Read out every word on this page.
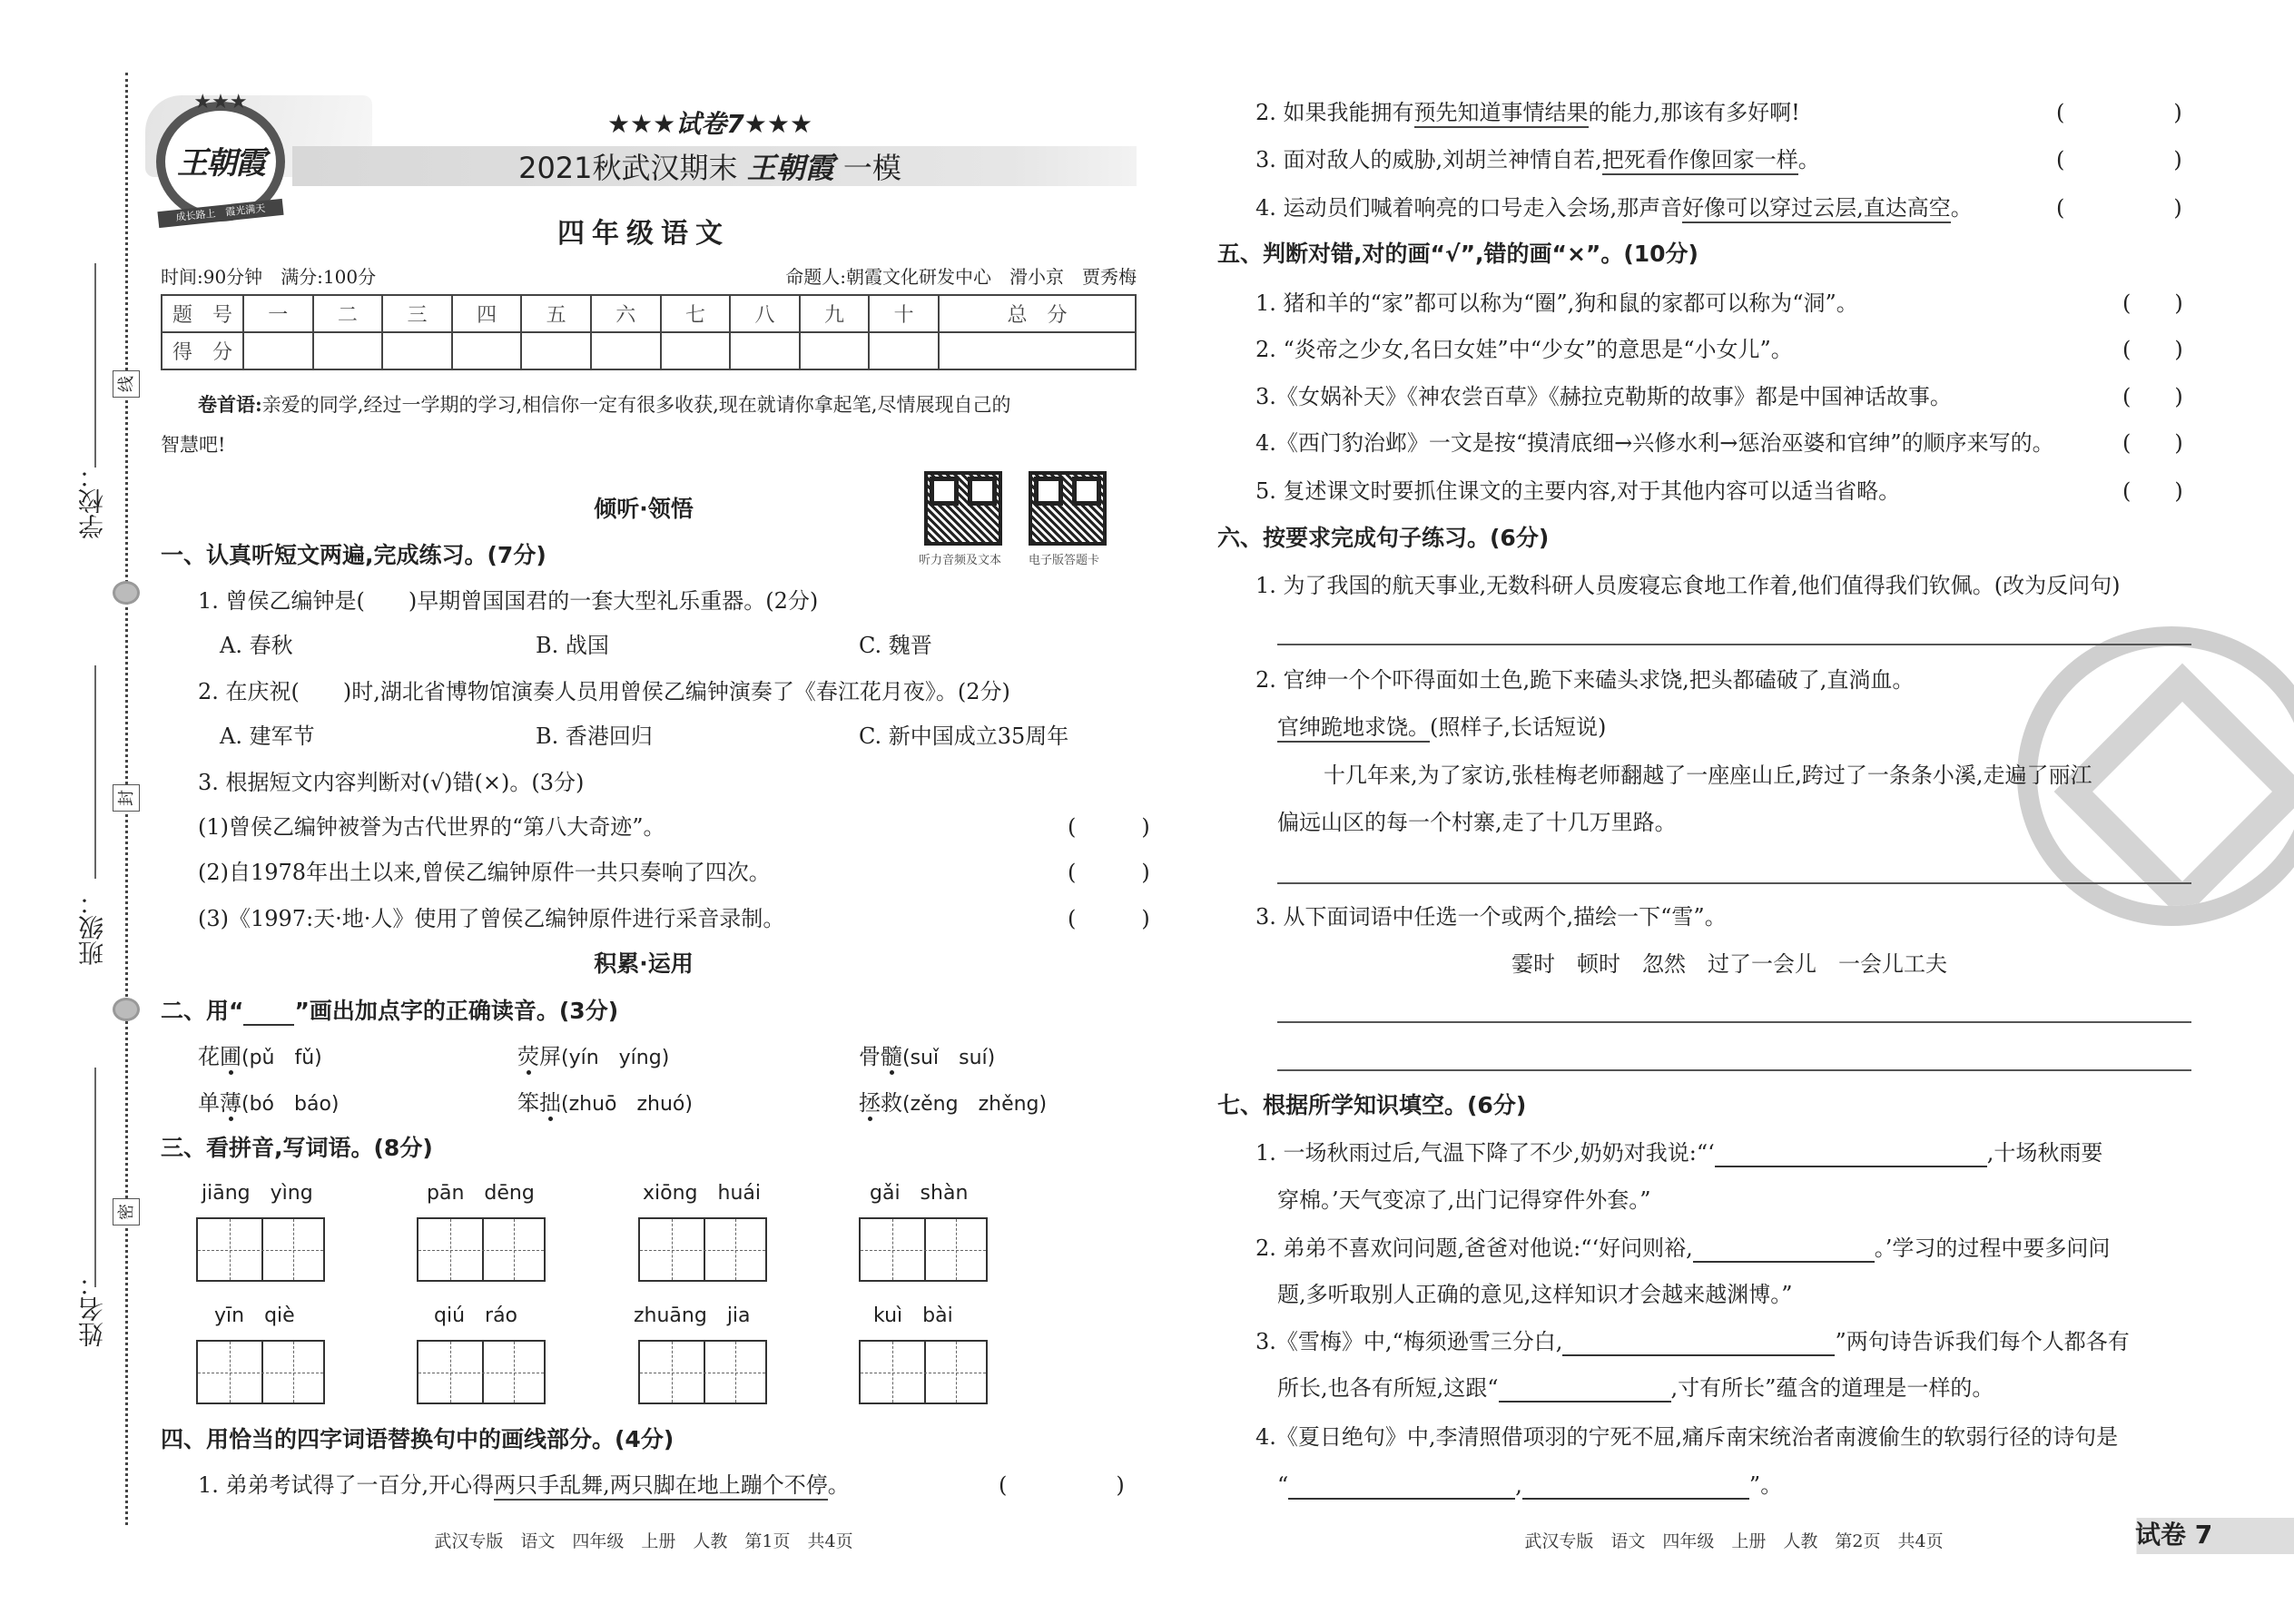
学校：
班级：
姓名：
线
封
密
★★★
王朝霞
成长路上　霞光满天
★★★试卷7★★★
2021秋武汉期末 王朝霞 一模
四年级语文
时间:90分钟　 满分:100分	命题人:朝霞文化研发中心　滑小京　贾秀梅
题　号	一	二	三	四	五	六	七	八	九	十	总　分
得　分											
卷首语:亲爱的同学,经过一学期的学习,相信你一定有很多收获,现在就请你拿起笔,尽情展现自己的
智慧吧!
倾听·领悟
听力音频及文本 电子版答题卡
一、认真听短文两遍,完成练习。(7分)
1. 曾侯乙编钟是(　　)早期曾国国君的一套大型礼乐重器。(2分)
A. 春秋	B. 战国	C. 魏晋
2. 在庆祝(　　)时,湖北省博物馆演奏人员用曾侯乙编钟演奏了《春江花月夜》。(2分)
A. 建军节	B. 香港回归	C. 新中国成立35周年
3. 根据短文内容判断对(√)错(×)。(3分)
(1)曾侯乙编钟被誉为古代世界的“第八大奇迹”。	(　　　)
(2)自1978年出土以来,曾侯乙编钟原件一共只奏响了四次。	(　　　)
(3)《1997:天·地·人》使用了曾侯乙编钟原件进行采音录制。	(　　　)
积累·运用
二、用“ ”画出加点字的正确读音。(3分)
花圃(pǔ　fǔ)	荧屏(yín　yíng)	骨髓(suǐ　suí)
单薄(bó　báo)	笨拙(zhuō　zhuó)	拯救(zěng　zhěng)
三、看拼音,写词语。(8分)
jiāng　yìng	pān　dēng	xiōng　huái	gǎi　shàn
yīn　qiè	qiú　ráo	zhuāng　jia	kuì　bài
四、用恰当的四字词语替换句中的画线部分。(4分)
1. 弟弟考试得了一百分,开心得两只手乱舞,两只脚在地上蹦个不停。	(　　　　　)
武汉专版　语文　四年级　上册　人教　第1页　共4页
2. 如果我能拥有预先知道事情结果的能力,那该有多好啊!	(　　　　　)
3. 面对敌人的威胁,刘胡兰神情自若,把死看作像回家一样。	(　　　　　)
4. 运动员们喊着响亮的口号走入会场,那声音好像可以穿过云层,直达高空。	(　　　　　)
五、判断对错,对的画“√”,错的画“×”。(10分)
1. 猪和羊的“家”都可以称为“圈”,狗和鼠的家都可以称为“洞”。	(　　)
2. “炎帝之少女,名曰女娃”中“少女”的意思是“小女儿”。	(　　)
3.《女娲补天》《神农尝百草》《赫拉克勒斯的故事》都是中国神话故事。	(　　)
4.《西门豹治邺》一文是按“摸清底细→兴修水利→惩治巫婆和官绅”的顺序来写的。	(　　)
5. 复述课文时要抓住课文的主要内容,对于其他内容可以适当省略。	(　　)
六、按要求完成句子练习。(6分)
1. 为了我国的航天事业,无数科研人员废寝忘食地工作着,他们值得我们钦佩。(改为反问句)
2. 官绅一个个吓得面如土色,跪下来磕头求饶,把头都磕破了,直淌血。
官绅跪地求饶。(照样子,长话短说)
十几年来,为了家访,张桂梅老师翻越了一座座山丘,跨过了一条条小溪,走遍了丽江
偏远山区的每一个村寨,走了十几万里路。
3. 从下面词语中任选一个或两个,描绘一下“雪”。
霎时　顿时　忽然　过了一会儿　一会儿工夫
七、根据所学知识填空。(6分)
1. 一场秋雨过后,气温下降了不少,奶奶对我说:“‘	,十场秋雨要
穿棉。’天气变凉了,出门记得穿件外套。”
2. 弟弟不喜欢问问题,爸爸对他说:“‘好问则裕,	。’学习的过程中要多问问
题,多听取别人正确的意见,这样知识才会越来越渊博。”
3.《雪梅》中,“梅须逊雪三分白,	”两句诗告诉我们每个人都各有
所长,也各有所短,这跟“	,寸有所长”蕴含的道理是一样的。
4.《夏日绝句》中,李清照借项羽的宁死不屈,痛斥南宋统治者南渡偷生的软弱行径的诗句是
“	,	”。
武汉专版　语文　四年级　上册　人教　第2页　共4页	试卷 7
